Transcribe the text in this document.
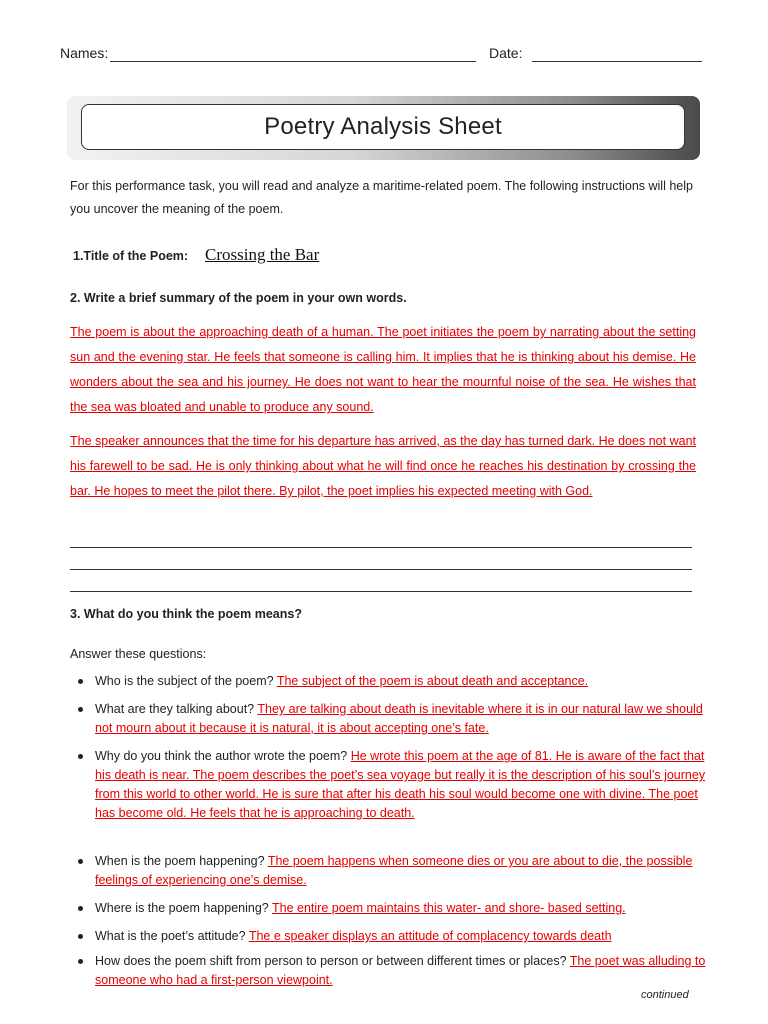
Names:	Date:
Poetry Analysis Sheet
For this performance task, you will read and analyze a maritime-related poem. The following instructions will help you uncover the meaning of the poem.
1.Title of the Poem: Crossing the Bar
2. Write a brief summary of the poem in your own words.
The poem is about the approaching death of a human. The poet initiates the poem by narrating about the setting sun and the evening star. He feels that someone is calling him. It implies that he is thinking about his demise. He wonders about the sea and his journey. He does not want to hear the mournful noise of the sea. He wishes that the sea was bloated and unable to produce any sound.
The speaker announces that the time for his departure has arrived, as the day has turned dark. He does not want his farewell to be sad. He is only thinking about what he will find once he reaches his destination by crossing the bar. He hopes to meet the pilot there. By pilot, the poet implies his expected meeting with God.
3. What do you think the poem means?
Answer these questions:
Who is the subject of the poem? The subject of the poem is about death and acceptance.
What are they talking about? They are talking about death is inevitable where it is in our natural law we should not mourn about it because it is natural, it is about accepting one’s fate.
Why do you think the author wrote the poem? He wrote this poem at the age of 81. He is aware of the fact that his death is near. The poem describes the poet’s sea voyage but really it is the description of his soul’s journey from this world to other world. He is sure that after his death his soul would become one with divine. The poet has become old. He feels that he is approaching to death.
When is the poem happening? The poem happens when someone dies or you are about to die, the possible feelings of experiencing one’s demise.
Where is the poem happening? The entire poem maintains this water- and shore- based setting.
What is the poet’s attitude? The e speaker displays an attitude of complacency towards death
How does the poem shift from person to person or between different times or places? The poet was alluding to someone who had a first-person viewpoint.
continued
